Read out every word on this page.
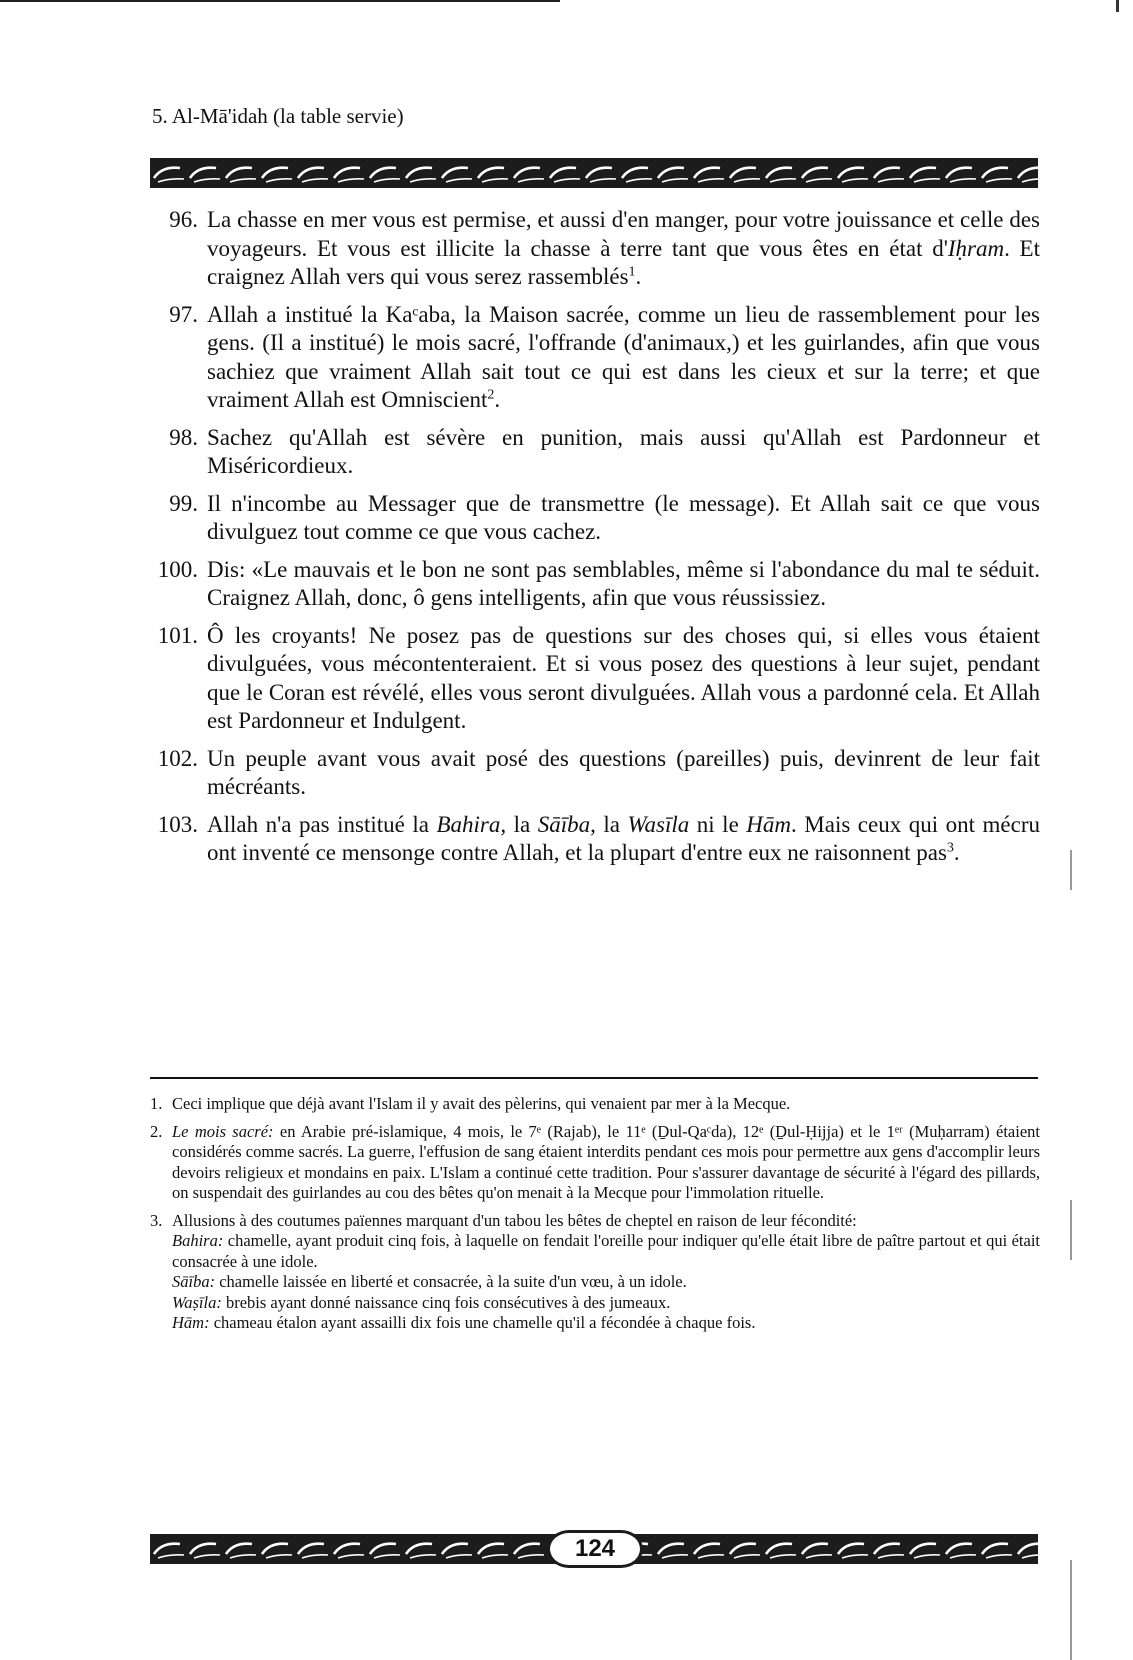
5. Al-Mā'idah (la table servie)
96. La chasse en mer vous est permise, et aussi d'en manger, pour votre jouissance et celle des voyageurs. Et vous est illicite la chasse à terre tant que vous êtes en état d'Iḥram. Et craignez Allah vers qui vous serez rassemblés$^1$.
97. Allah a institué la Kaᶜaba, la Maison sacrée, comme un lieu de rassemblement pour les gens. (Il a institué) le mois sacré, l'offrande (d'animaux,) et les guirlandes, afin que vous sachiez que vraiment Allah sait tout ce qui est dans les cieux et sur la terre; et que vraiment Allah est Omniscient$^2$.
98. Sachez qu'Allah est sévère en punition, mais aussi qu'Allah est Pardonneur et Miséricordieux.
99. Il n'incombe au Messager que de transmettre (le message). Et Allah sait ce que vous divulguez tout comme ce que vous cachez.
100. Dis: «Le mauvais et le bon ne sont pas semblables, même si l'abondance du mal te séduit. Craignez Allah, donc, ô gens intelligents, afin que vous réussissiez.
101. Ô les croyants! Ne posez pas de questions sur des choses qui, si elles vous étaient divulguées, vous mécontenteraient. Et si vous posez des questions à leur sujet, pendant que le Coran est révélé, elles vous seront divulguées. Allah vous a pardonné cela. Et Allah est Pardonneur et Indulgent.
102. Un peuple avant vous avait posé des questions (pareilles) puis, devinrent de leur fait mécréants.
103. Allah n'a pas institué la Bahira, la Sāība, la Wasīla ni le Hām. Mais ceux qui ont mécru ont inventé ce mensonge contre Allah, et la plupart d'entre eux ne raisonnent pas$^3$.
1. Ceci implique que déjà avant l'Islam il y avait des pèlerins, qui venaient par mer à la Mecque.
2. Le mois sacré: en Arabie pré-islamique, 4 mois, le 7ᵉ (Rajab), le 11ᵉ (Ḏul-Qaᶜda), 12ᵉ (Ḏul-Ḥijja) et le 1ᵉʳ (Muḥarram) étaient considérés comme sacrés. La guerre, l'effusion de sang étaient interdits pendant ces mois pour permettre aux gens d'accomplir leurs devoirs religieux et mondains en paix. L'Islam a continué cette tradition. Pour s'assurer davantage de sécurité à l'égard des pillards, on suspendait des guirlandes au cou des bêtes qu'on menait à la Mecque pour l'immolation rituelle.
3. Allusions à des coutumes païennes marquant d'un tabou les bêtes de cheptel en raison de leur fécondité:
Bahira: chamelle, ayant produit cinq fois, à laquelle on fendait l'oreille pour indiquer qu'elle était libre de paître partout et qui était consacrée à une idole.
Sāība: chamelle laissée en liberté et consacrée, à la suite d'un vœu, à un idole.
Waṣīla: brebis ayant donné naissance cinq fois consécutives à des jumeaux.
Hām: chameau étalon ayant assailli dix fois une chamelle qu'il a fécondée à chaque fois.
124
